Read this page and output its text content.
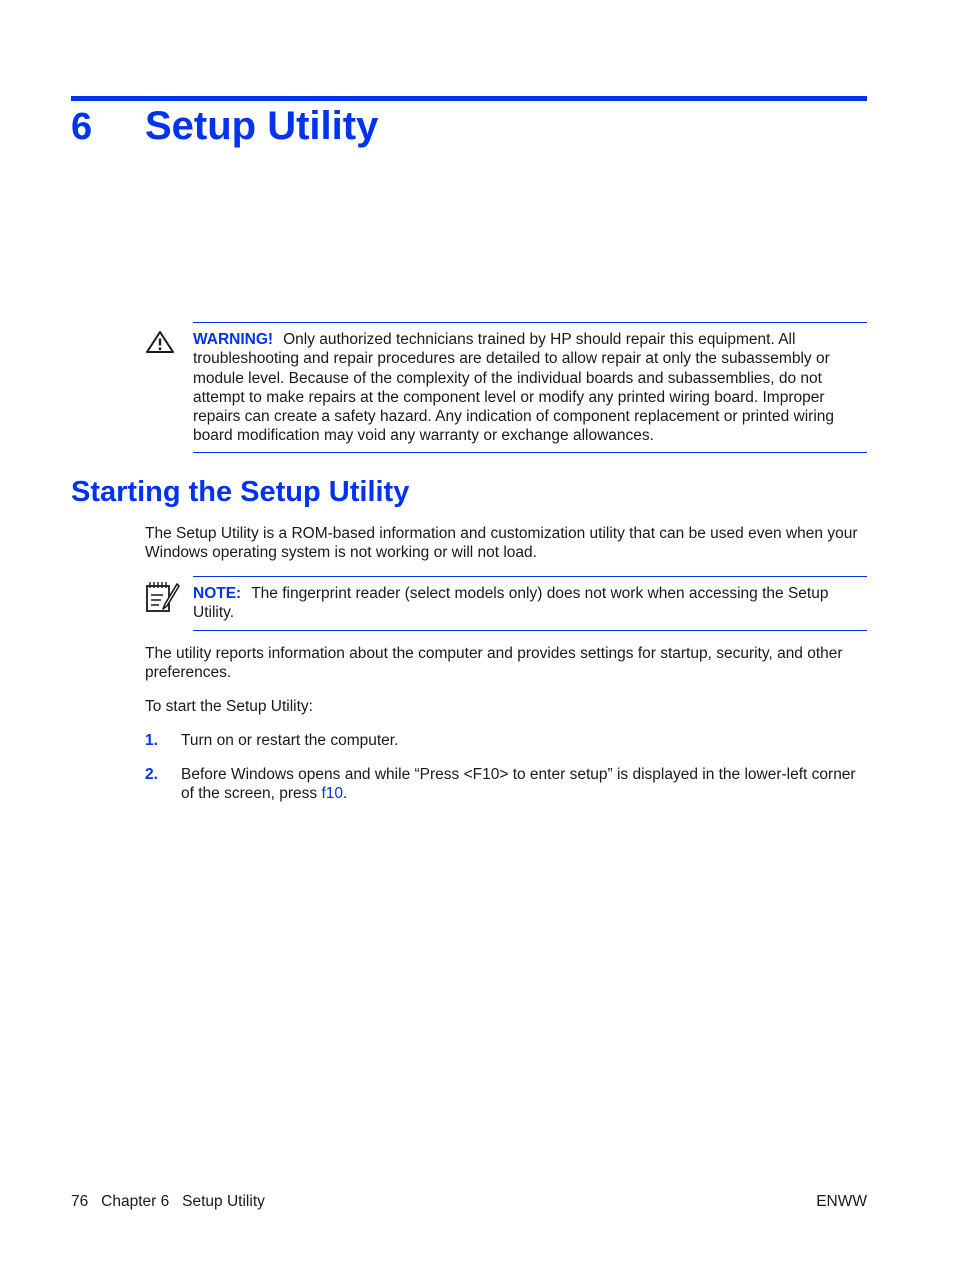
6	Setup Utility
WARNING! Only authorized technicians trained by HP should repair this equipment. All troubleshooting and repair procedures are detailed to allow repair at only the subassembly or module level. Because of the complexity of the individual boards and subassemblies, do not attempt to make repairs at the component level or modify any printed wiring board. Improper repairs can create a safety hazard. Any indication of component replacement or printed wiring board modification may void any warranty or exchange allowances.
Starting the Setup Utility
The Setup Utility is a ROM-based information and customization utility that can be used even when your Windows operating system is not working or will not load.
NOTE: The fingerprint reader (select models only) does not work when accessing the Setup Utility.
The utility reports information about the computer and provides settings for startup, security, and other preferences.
To start the Setup Utility:
1. Turn on or restart the computer.
2. Before Windows opens and while “Press <F10> to enter setup” is displayed in the lower-left corner of the screen, press f10.
76 Chapter 6 Setup Utility	ENWW
